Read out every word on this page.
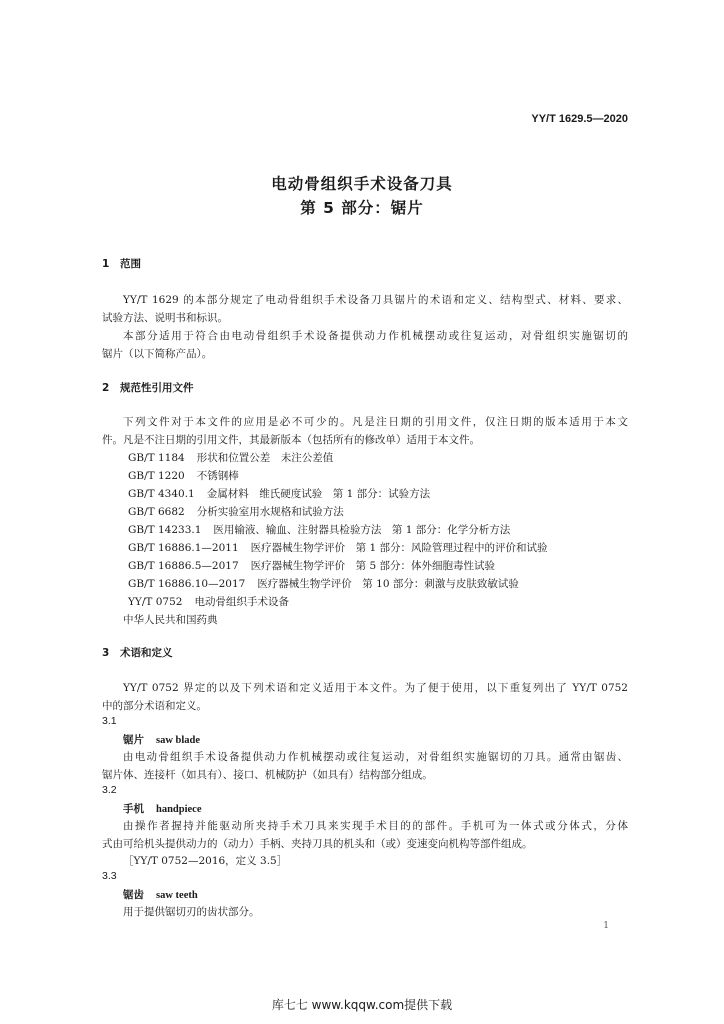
YY/T 1629.5—2020
电动骨组织手术设备刀具
第 5 部分：锯片
1 范围
YY/T 1629 的本部分规定了电动骨组织手术设备刀具锯片的术语和定义、结构型式、材料、要求、
试验方法、说明书和标识。
本部分适用于符合由电动骨组织手术设备提供动力作机械摆动或往复运动，对骨组织实施锯切的
锯片（以下简称产品）。
2 规范性引用文件
下列文件对于本文件的应用是必不可少的。凡是注日期的引用文件，仅注日期的版本适用于本文
件。凡是不注日期的引用文件，其最新版本（包括所有的修改单）适用于本文件。
GB/T 1184 形状和位置公差　未注公差值
GB/T 1220 不锈钢棒
GB/T 4340.1 金属材料　维氏硬度试验　第 1 部分：试验方法
GB/T 6682 分析实验室用水规格和试验方法
GB/T 14233.1 医用输液、输血、注射器具检验方法　第 1 部分：化学分析方法
GB/T 16886.1—2011 医疗器械生物学评价　第 1 部分：风险管理过程中的评价和试验
GB/T 16886.5—2017 医疗器械生物学评价　第 5 部分：体外细胞毒性试验
GB/T 16886.10—2017 医疗器械生物学评价　第 10 部分：刺激与皮肤致敏试验
YY/T 0752 电动骨组织手术设备
中华人民共和国药典
3 术语和定义
YY/T 0752 界定的以及下列术语和定义适用于本文件。为了便于使用，以下重复列出了 YY/T 0752
中的部分术语和定义。
3.1
锯片 saw blade
由电动骨组织手术设备提供动力作机械摆动或往复运动，对骨组织实施锯切的刀具。通常由锯齿、
锯片体、连接杆（如具有）、接口、机械防护（如具有）结构部分组成。
3.2
手机 handpiece
由操作者握持并能驱动所夹持手术刀具来实现手术目的的部件。手机可为一体式或分体式，分体
式由可给机头提供动力的（动力）手柄、夹持刀具的机头和（或）变速变向机构等部件组成。
［YY/T 0752—2016，定义 3.5］
3.3
锯齿 saw teeth
用于提供锯切刃的齿状部分。
1
库七七 www.kqqw.com提供下载
